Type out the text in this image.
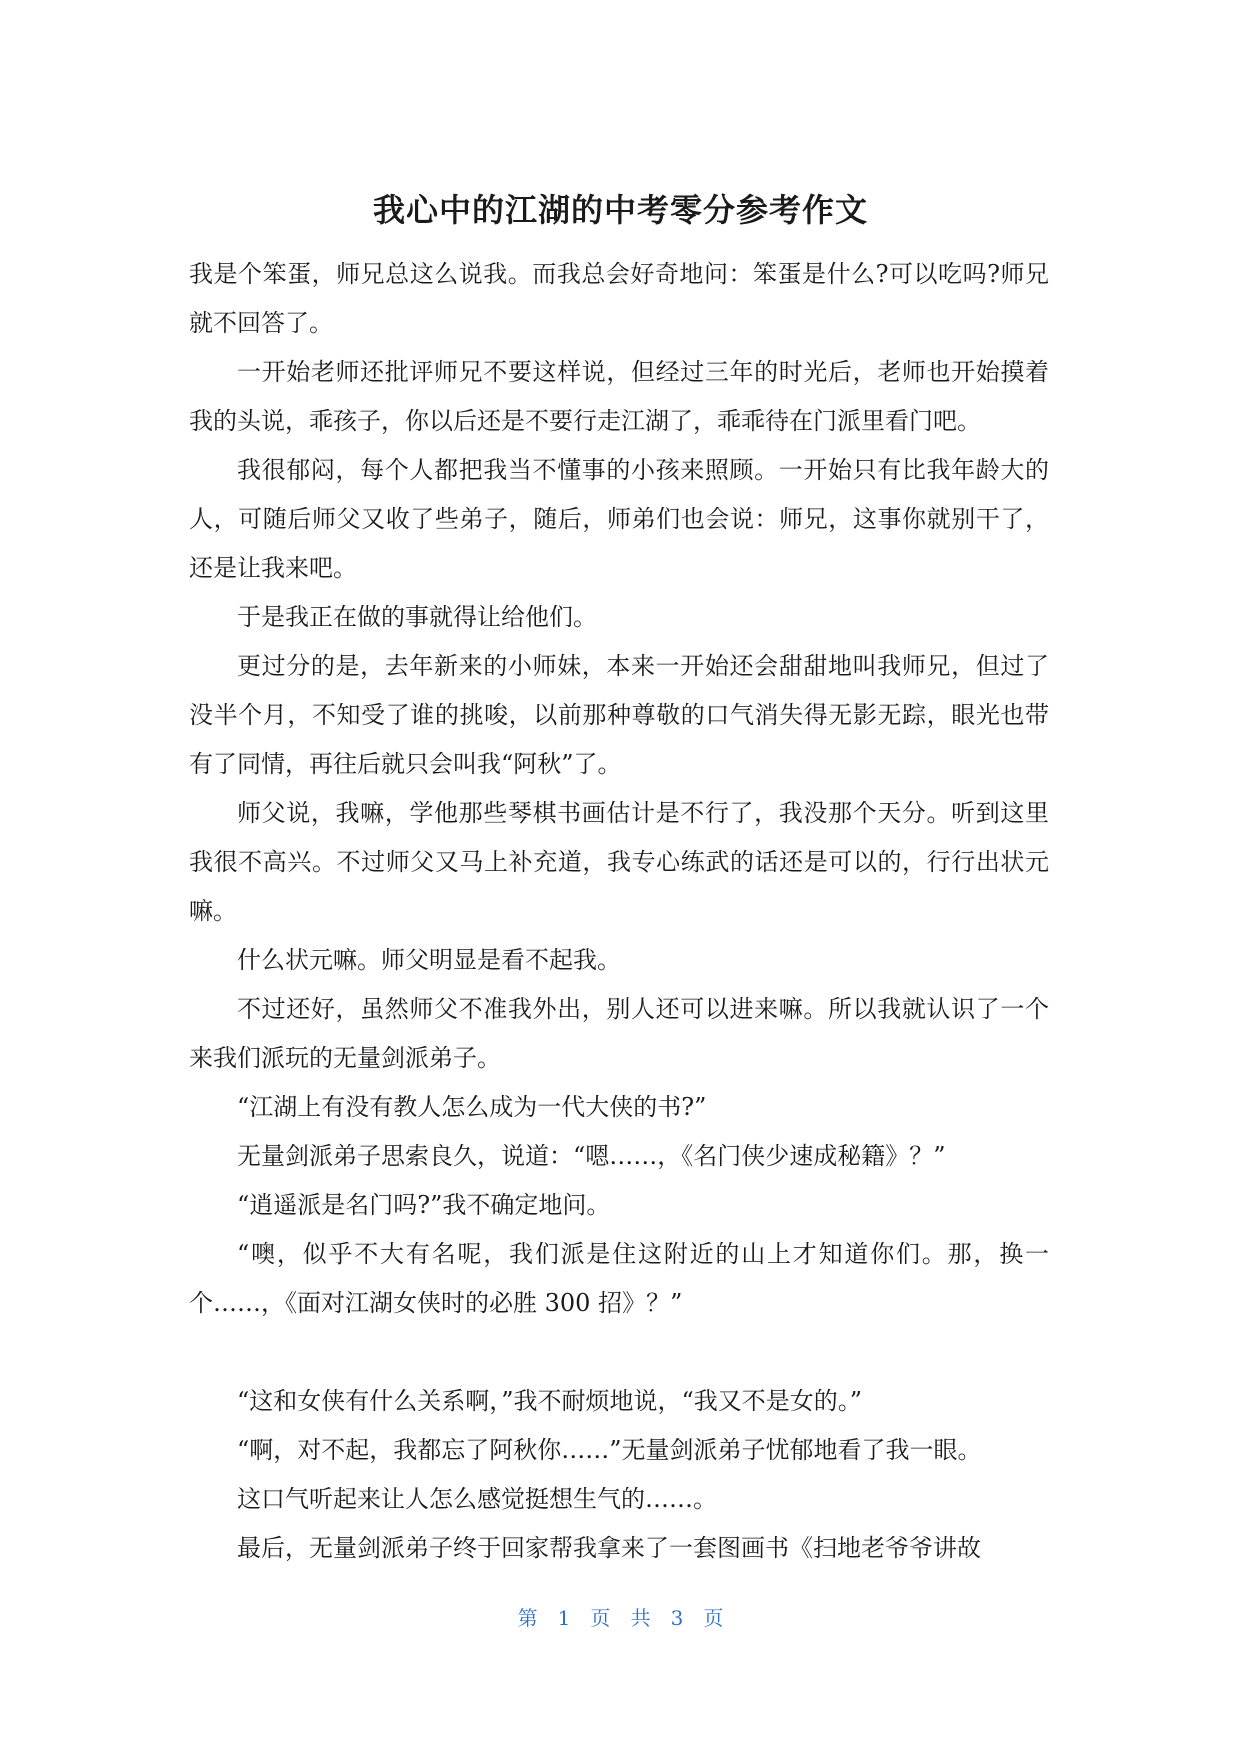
我心中的江湖的中考零分参考作文

我是个笨蛋，师兄总这么说我。而我总会好奇地问：笨蛋是什么?可以吃吗?师兄就不回答了。

一开始老师还批评师兄不要这样说，但经过三年的时光后，老师也开始摸着我的头说，乖孩子，你以后还是不要行走江湖了，乖乖待在门派里看门吧。

我很郁闷，每个人都把我当不懂事的小孩来照顾。一开始只有比我年龄大的人，可随后师父又收了些弟子，随后，师弟们也会说：师兄，这事你就别干了，还是让我来吧。

于是我正在做的事就得让给他们。

更过分的是，去年新来的小师妹，本来一开始还会甜甜地叫我师兄，但过了没半个月，不知受了谁的挑唆，以前那种尊敬的口气消失得无影无踪，眼光也带有了同情，再往后就只会叫我“阿秋”了。

师父说，我嘛，学他那些琴棋书画估计是不行了，我没那个天分。听到这里我很不高兴。不过师父又马上补充道，我专心练武的话还是可以的，行行出状元嘛。

什么状元嘛。师父明显是看不起我。

不过还好，虽然师父不准我外出，别人还可以进来嘛。所以我就认识了一个来我们派玩的无量剑派弟子。

“江湖上有没有教人怎么成为一代大侠的书?”

无量剑派弟子思索良久，说道：“嗯……，《名门侠少速成秘籍》？”

“逍遥派是名门吗?”我不确定地问。

“噢，似乎不大有名呢，我们派是住这附近的山上才知道你们。那，换一个……，《面对江湖女侠时的必胜 300 招》？”

“这和女侠有什么关系啊，”我不耐烦地说，“我又不是女的。”

“啊，对不起，我都忘了阿秋你……”无量剑派弟子忧郁地看了我一眼。

这口气听起来让人怎么感觉挺想生气的……。

最后，无量剑派弟子终于回家帮我拿来了一套图画书《扫地老爷爷讲故

第 1 页 共 3 页
